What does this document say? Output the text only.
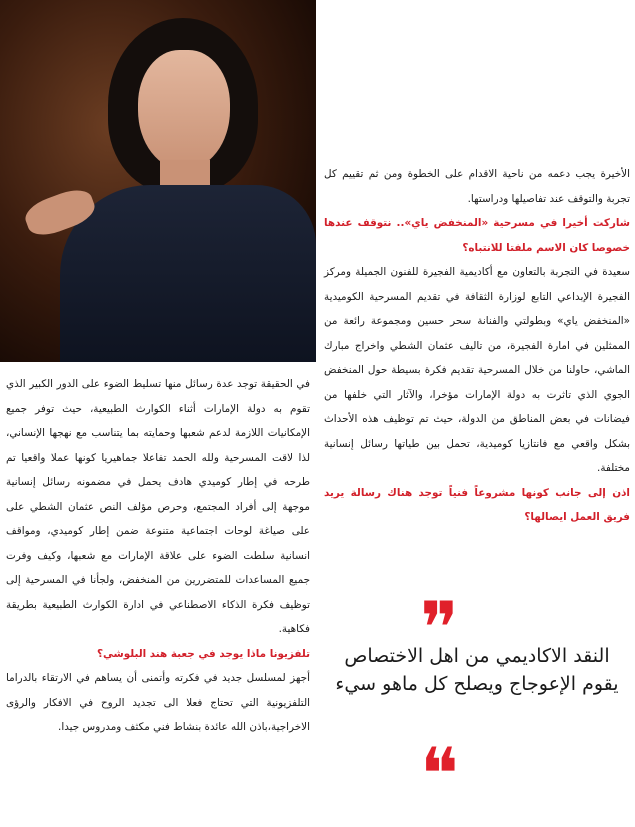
الأخيرة يجب دعمه من ناحية الاقدام على الخطوة ومن ثم تقييم كل تجربة والتوقف عند تفاصيلها ودراستها.
شاركت أخيرا في مسرحية «المنخفض ياي».. نتوقف عندها خصوصا كان الاسم ملفتا للانتباه؟
سعيدة في التجربة بالتعاون مع أكاديمية الفجيرة للفنون الجميلة ومركز الفجيرة الإبداعي التابع لوزارة الثقافة في تقديم المسرحية الكوميدية «المنخفض ياي» وبطولتي والفنانة سحر حسين ومجموعة رائعة من الممثلين في امارة الفجيرة، من تاليف عثمان الشطي واخراج مبارك الماشي، حاولنا من خلال المسرحية تقديم فكرة بسيطة حول المنخفض الجوي الذي تاثرت به دولة الإمارات مؤخرا، والآثار التي خلفها من فيضانات في بعض المناطق من الدولة، حيث تم توظيف هذه الأحداث بشكل واقعي مع فانتازيا كوميدية، تحمل بين طياتها رسائل إنسانية مختلفة.
اذن إلى جانب كونها مشروعاً فنياً توجد هناك رسالة يريد فريق العمل ايصالها؟
في الحقيقة توجد عدة رسائل منها تسليط الضوء على الدور الكبير الذي تقوم به دولة الإمارات أثناء الكوارث الطبيعية، حيث توفر جميع الإمكانيات اللازمة لدعم شعبها وحمايته بما يتناسب مع نهجها الإنساني، لذا لاقت المسرحية ولله الحمد تفاعلا جماهيريا كونها عملا واقعيا تم طرحه في إطار كوميدي هادف يحمل في مضمونه رسائل إنسانية موجهة إلى أفراد المجتمع، وحرص مؤلف النص عثمان الشطي على على صياغة لوحات اجتماعية متنوعة ضمن إطار كوميدي، ومواقف انسانية سلطت الضوء على علاقة الإمارات مع شعبها، وكيف وفرت جميع المساعدات للمتضررين من المنخفض، ولجأنا في المسرحية إلى توظيف فكرة الذكاء الاصطناعي في ادارة الكوارث الطبيعية بطريقة فكاهية.
تلفزيونا ماذا يوجد في جعبة هند البلوشي؟
أجهز لمسلسل جديد في فكرته وأتمنى أن يساهم في الارتقاء بالدراما التلفزيونية التي تحتاج فعلا الى تجديد الروح في الافكار والرؤى الاخراجية،باذن الله عائدة بنشاط فني مكثف ومدروس جيدا.
❞
النقد الاكاديمي من اهل الاختصاص يقوم الإعوجاج ويصلح كل ماهو سيء
❝
